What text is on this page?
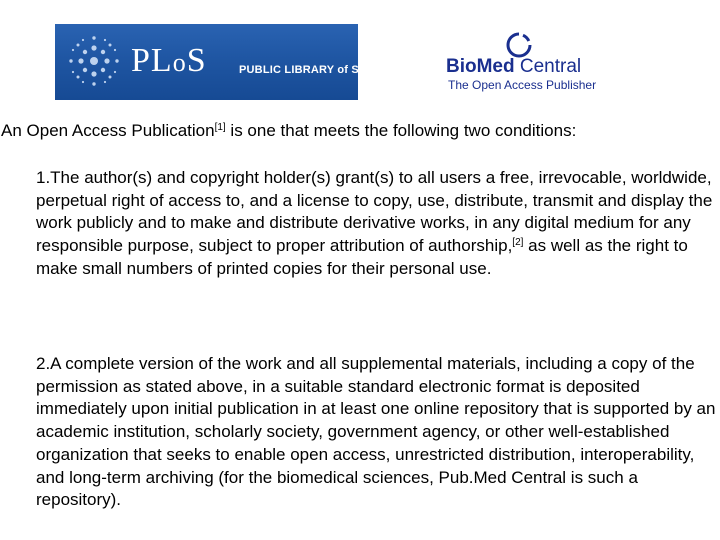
PLoS	PUBLIC LIBRARY of SCIENCE BioMed Central
The Open Access Publisher
An Open Access Publication[1] is one that meets the following two conditions:

1.The author(s) and copyright holder(s) grant(s) to all users a free, irrevocable, worldwide, perpetual right of access to, and a license to copy, use, distribute, transmit and display the work publicly and to make and distribute derivative works, in any digital medium for any responsible purpose, subject to proper attribution of authorship,[2] as well as the right to make small numbers of printed copies for their personal use.

2.A complete version of the work and all supplemental materials, including a copy of the permission as stated above, in a suitable standard electronic format is deposited immediately upon initial publication in at least one online repository that is supported by an academic institution, scholarly society, government agency, or other well-established organization that seeks to enable open access, unrestricted distribution, interoperability, and long-term archiving (for the biomedical sciences, Pub.Med Central is such a repository).
